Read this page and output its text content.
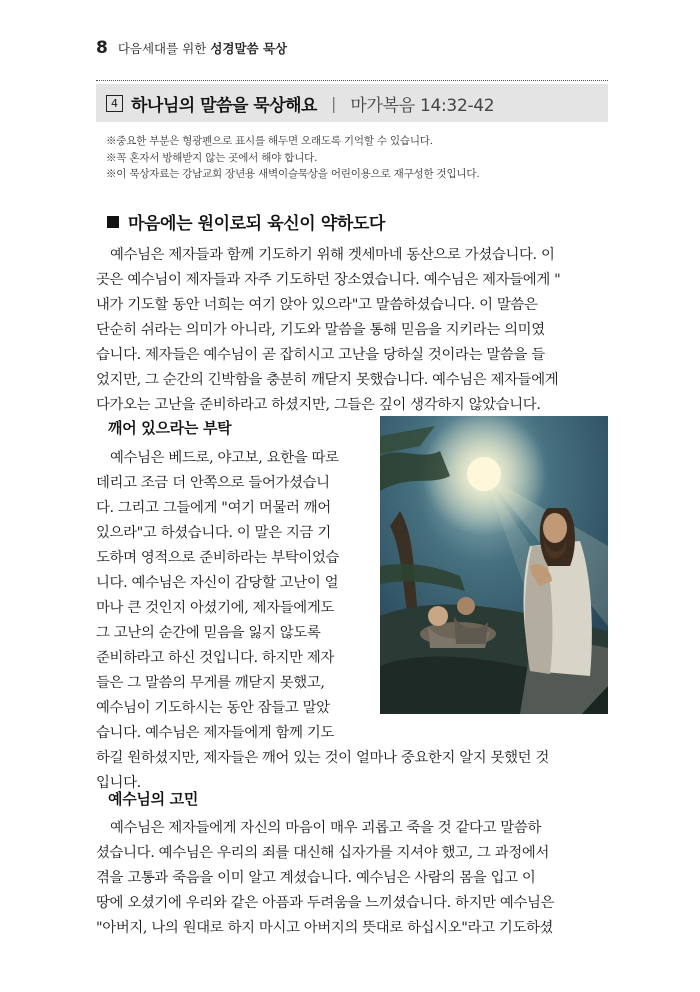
8 다음세대를 위한 성경말씀 묵상
4 하나님의 말씀을 묵상해요 | 마가복음 14:32-42
※중요한 부분은 형광펜으로 표시를 해두면 오래도록 기억할 수 있습니다.
※꼭 혼자서 방해받지 않는 곳에서 해야 합니다.
※이 묵상자료는 강남교회 장년용 새벽이슬묵상을 어린이용으로 재구성한 것입니다.
마음에는 원이로되 육신이 약하도다
예수님은 제자들과 함께 기도하기 위해 겟세마네 동산으로 가셨습니다. 이
곳은 예수님이 제자들과 자주 기도하던 장소였습니다. 예수님은 제자들에게 "
내가 기도할 동안 너희는 여기 앉아 있으라"고 말씀하셨습니다. 이 말씀은
단순히 쉬라는 의미가 아니라, 기도와 말씀을 통해 믿음을 지키라는 의미였
습니다. 제자들은 예수님이 곧 잡히시고 고난을 당하실 것이라는 말씀을 들
었지만, 그 순간의 긴박함을 충분히 깨닫지 못했습니다. 예수님은 제자들에게
다가오는 고난을 준비하라고 하셨지만, 그들은 깊이 생각하지 않았습니다.
깨어 있으라는 부탁
예수님은 베드로, 야고보, 요한을 따로
데리고 조금 더 안쪽으로 들어가셨습니
다. 그리고 그들에게 "여기 머물러 깨어
있으라"고 하셨습니다. 이 말은 지금 기
도하며 영적으로 준비하라는 부탁이었습
니다. 예수님은 자신이 감당할 고난이 얼
마나 큰 것인지 아셨기에, 제자들에게도
그 고난의 순간에 믿음을 잃지 않도록
준비하라고 하신 것입니다. 하지만 제자
들은 그 말씀의 무게를 깨닫지 못했고,
예수님이 기도하시는 동안 잠들고 말았
습니다. 예수님은 제자들에게 함께 기도
하길 원하셨지만, 제자들은 깨어 있는 것이 얼마나 중요한지 알지 못했던 것
입니다.
예수님의 고민
예수님은 제자들에게 자신의 마음이 매우 괴롭고 죽을 것 같다고 말씀하
셨습니다. 예수님은 우리의 죄를 대신해 십자가를 지셔야 했고, 그 과정에서
겪을 고통과 죽음을 이미 알고 계셨습니다. 예수님은 사람의 몸을 입고 이
땅에 오셨기에 우리와 같은 아픔과 두려움을 느끼셨습니다. 하지만 예수님은
"아버지, 나의 원대로 하지 마시고 아버지의 뜻대로 하십시오"라고 기도하셨
